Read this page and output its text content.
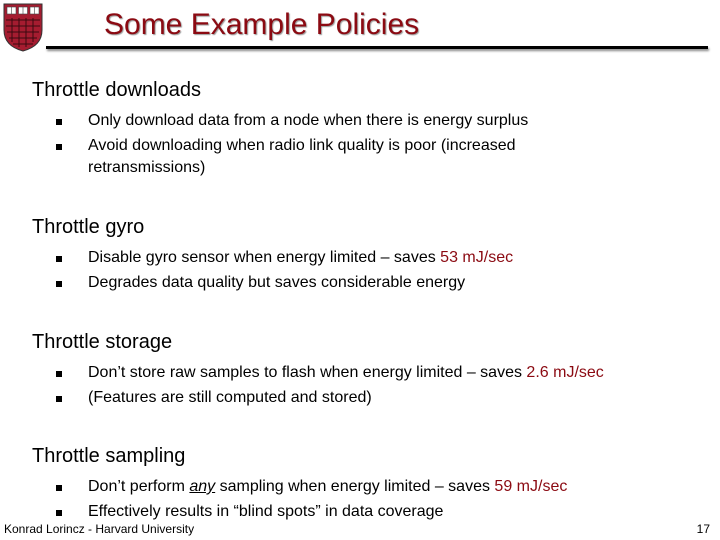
Some Example Policies

Throttle downloads

Only download data from a node when there is energy surplus
Avoid downloading when radio link quality is poor (increased retransmissions)

Throttle gyro

Disable gyro sensor when energy limited – saves 53 mJ/sec
Degrades data quality but saves considerable energy

Throttle storage

Don’t store raw samples to flash when energy limited – saves 2.6 mJ/sec
(Features are still computed and stored)

Throttle sampling

Don’t perform any sampling when energy limited – saves 59 mJ/sec
Effectively results in “blind spots” in data coverage
Konrad Lorincz - Harvard University	17
